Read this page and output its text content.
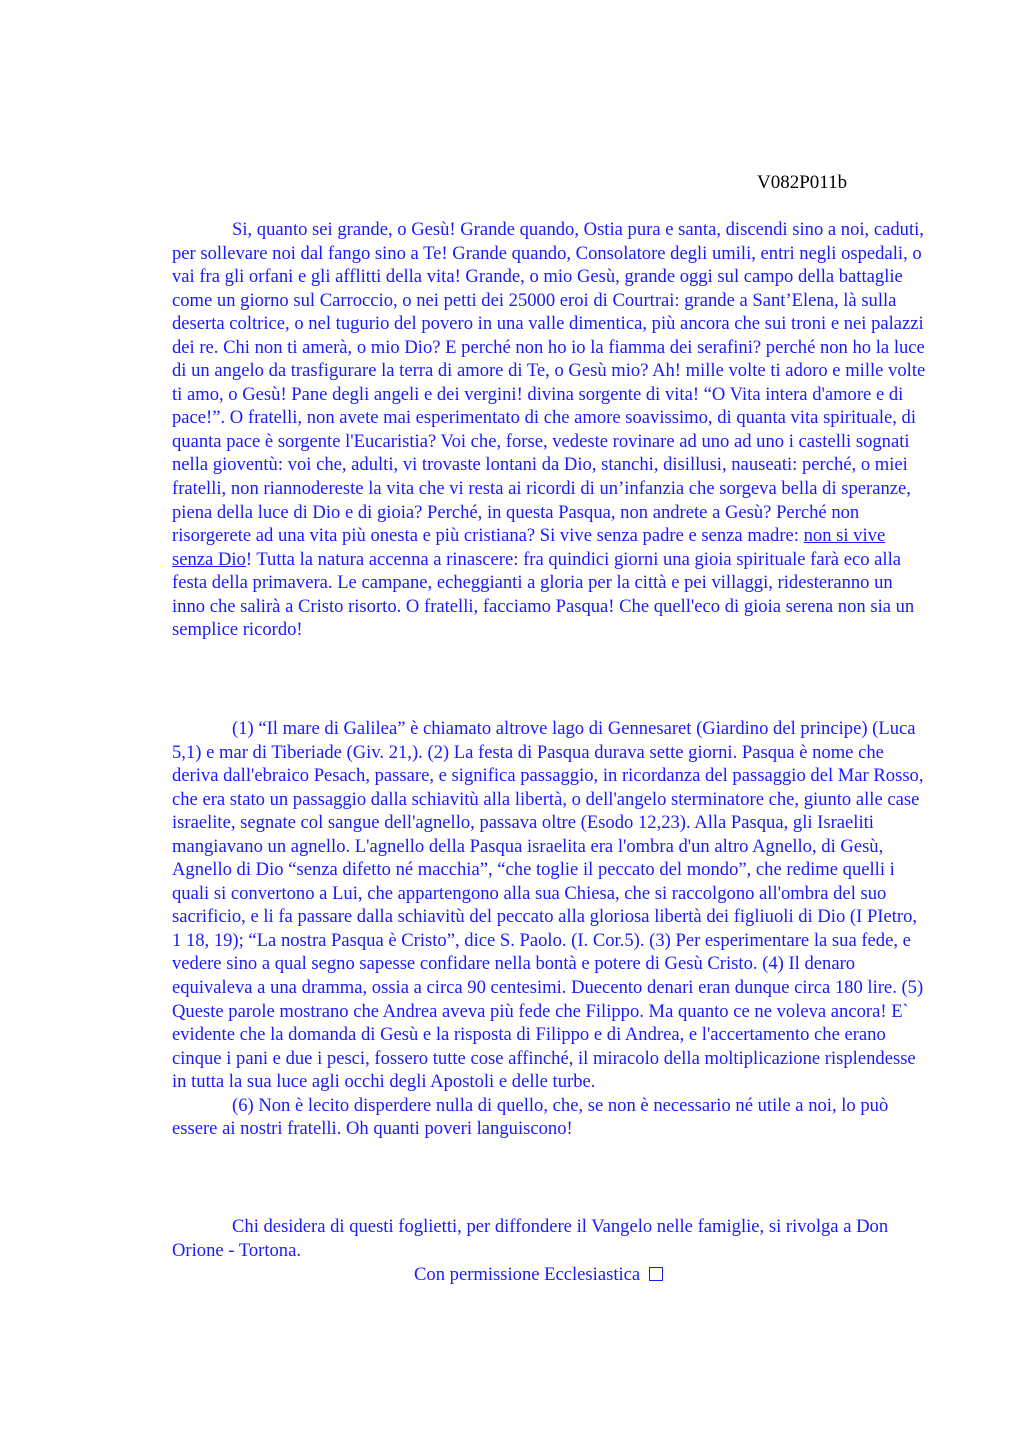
V082P011b

Si, quanto sei grande, o Gesù! Grande quando, Ostia pura e santa, discendi sino a noi, caduti, per sollevare noi dal fango sino a Te! Grande quando, Consolatore degli umili, entri negli ospedali, o vai fra gli orfani e gli afflitti della vita! Grande, o mio Gesù, grande oggi sul campo della battaglie come un giorno sul Carroccio, o nei petti dei 25000 eroi di Courtrai: grande a Sant’Elena, là sulla deserta coltrice, o nel tugurio del povero in una valle dimentica, più ancora che sui troni e nei palazzi dei re. Chi non ti amerà, o mio Dio? E perché non ho io la fiamma dei serafini? perché non ho la luce di un angelo da trasfigurare la terra di amore di Te, o Gesù mio? Ah! mille volte ti adoro e mille volte ti amo, o Gesù! Pane degli angeli e dei vergini! divina sorgente di vita! “O Vita intera d'amore e di pace!”. O fratelli, non avete mai esperimentato di che amore soavissimo, di quanta vita spirituale, di quanta pace è sorgente l'Eucaristia? Voi che, forse, vedeste rovinare ad uno ad uno i castelli sognati nella gioventù: voi che, adulti, vi trovaste lontani da Dio, stanchi, disillusi, nauseati: perché, o miei fratelli, non riannodereste la vita che vi resta ai ricordi di un’infanzia che sorgeva bella di speranze, piena della luce di Dio e di gioia? Perché, in questa Pasqua, non andrete a Gesù? Perché non risorgerete ad una vita più onesta e più cristiana? Si vive senza padre e senza madre: non si vive senza Dio! Tutta la natura accenna a rinascere: fra quindici giorni una gioia spirituale farà eco alla festa della primavera. Le campane, echeggianti a gloria per la città e pei villaggi, ridesteranno un inno che salirà a Cristo risorto. O fratelli, facciamo Pasqua! Che quell'eco di gioia serena non sia un semplice ricordo!

(1) “Il mare di Galilea” è chiamato altrove lago di Gennesaret (Giardino del principe) (Luca 5,1) e mar di Tiberiade (Giv. 21,). (2) La festa di Pasqua durava sette giorni. Pasqua è nome che deriva dall'ebraico Pesach, passare, e significa passaggio, in ricordanza del passaggio del Mar Rosso, che era stato un passaggio dalla schiavitù alla libertà, o dell'angelo sterminatore che, giunto alle case israelite, segnate col sangue dell'agnello, passava oltre (Esodo 12,23). Alla Pasqua, gli Israeliti mangiavano un agnello. L'agnello della Pasqua israelita era l'ombra d'un altro Agnello, di Gesù, Agnello di Dio “senza difetto né macchia”, “che toglie il peccato del mondo”, che redime quelli i quali si convertono a Lui, che appartengono alla sua Chiesa, che si raccolgono all'ombra del suo sacrificio, e li fa passare dalla schiavitù del peccato alla gloriosa libertà dei figliuoli di Dio (I PIetro, 1 18, 19); “La nostra Pasqua è Cristo”, dice S. Paolo. (I. Cor.5). (3) Per esperimentare la sua fede, e vedere sino a qual segno sapesse confidare nella bontà e potere di Gesù Cristo. (4) Il denaro equivaleva a una dramma, ossia a circa 90 centesimi. Duecento denari eran dunque circa 180 lire. (5) Queste parole mostrano che Andrea aveva più fede che Filippo. Ma quanto ce ne voleva ancora! E` evidente che la domanda di Gesù e la risposta di Filippo e di Andrea, e l'accertamento che erano cinque i pani e due i pesci, fossero tutte cose affinché, il miracolo della moltiplicazione risplendesse in tutta la sua luce agli occhi degli Apostoli e delle turbe.

(6) Non è lecito disperdere nulla di quello, che, se non è necessario né utile a noi, lo può essere ai nostri fratelli. Oh quanti poveri languiscono!

Chi desidera di questi foglietti, per diffondere il Vangelo nelle famiglie, si rivolga a Don Orione - Tortona.

Con permissione Ecclesiastica
